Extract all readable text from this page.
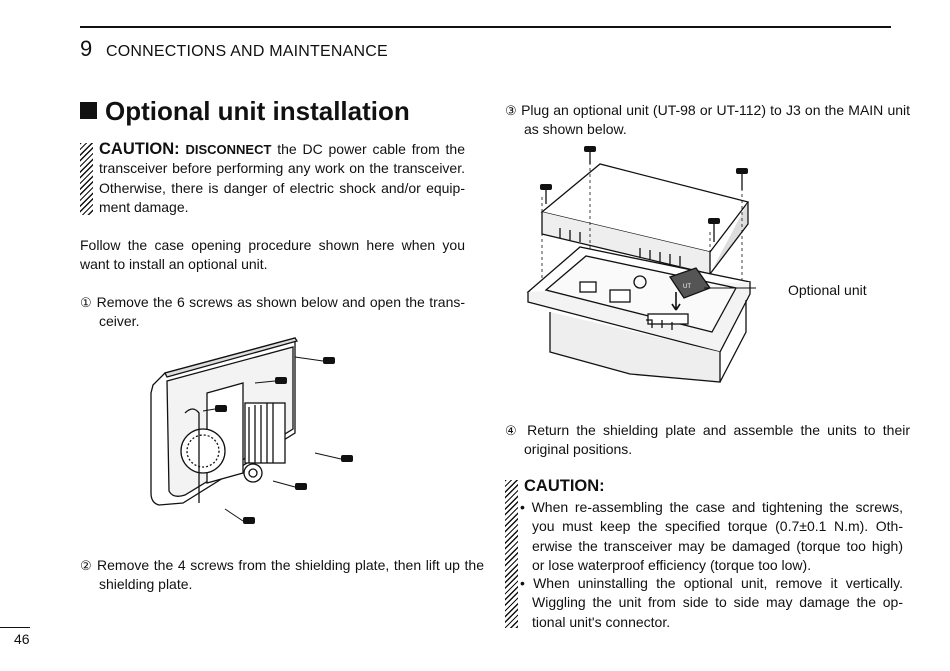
9 CONNECTIONS AND MAINTENANCE
Optional unit installation
CAUTION: DISCONNECT the DC power cable from the transceiver before performing any work on the transceiver. Otherwise, there is danger of electric shock and/or equip-ment damage.
Follow the case opening procedure shown here when you want to install an optional unit.
① Remove the 6 screws as shown below and open the trans-ceiver.
② Remove the 4 screws from the shielding plate, then lift up the shielding plate.
③ Plug an optional unit (UT-98 or UT-112) to J3 on the MAIN unit as shown below.
UT	Optional unit
④ Return the shielding plate and assemble the units to their original positions.
CAUTION:
• When re-assembling the case and tightening the screws, you must keep the specified torque (0.7±0.1 N.m). Oth-erwise the transceiver may be damaged (torque too high) or lose waterproof efficiency (torque too low).
• When uninstalling the optional unit, remove it vertically. Wiggling the unit from side to side may damage the op-tional unit's connector.
46
